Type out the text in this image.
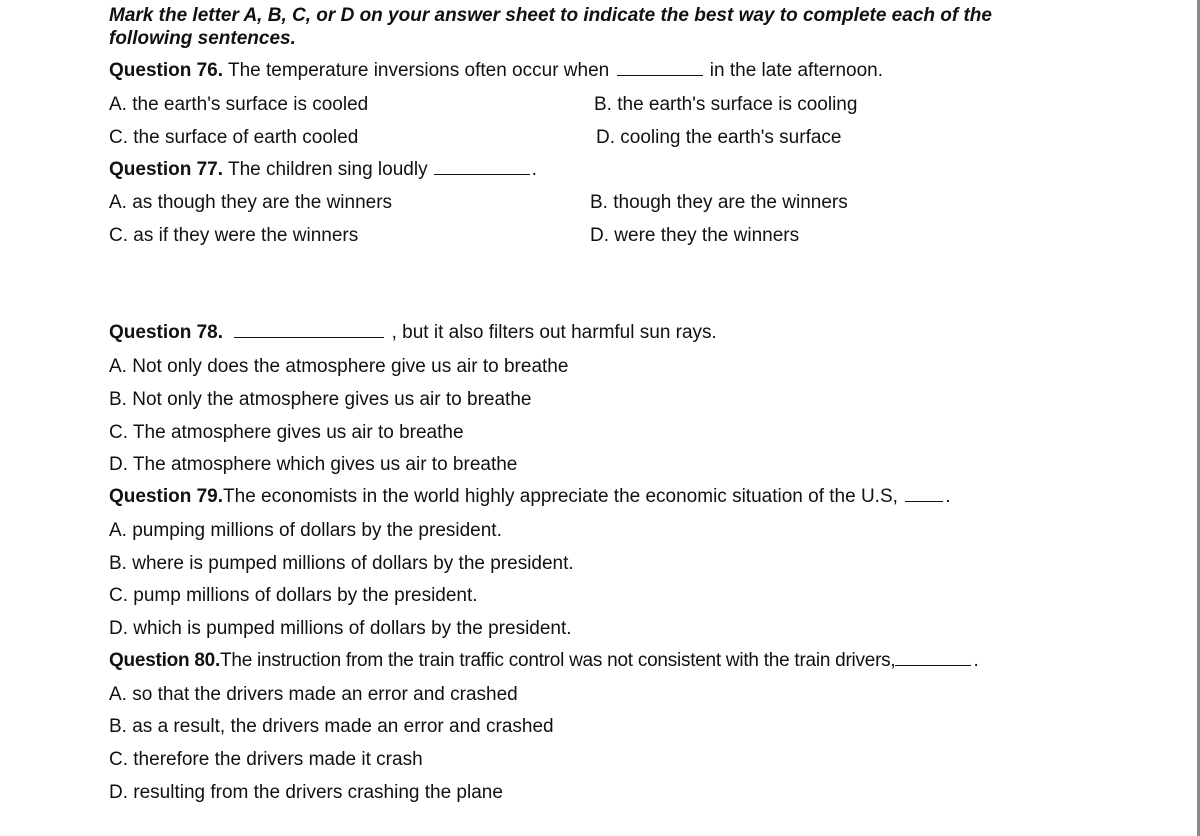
Mark the letter A, B, C, or D on your answer sheet to indicate the best way to complete each of the
following sentences.
Question 76. The temperature inversions often occur when	in the late afternoon.
A. the earth's surface is cooled	B. the earth's surface is cooling
C. the surface of earth cooled	D. cooling the earth's surface
Question 77. The children sing loudly	.
A. as though they are the winners	B. though they are the winners
C. as if they were the winners	D. were they the winners
Question 78.	, but it also filters out harmful sun rays.
A. Not only does the atmosphere give us air to breathe
B. Not only the atmosphere gives us air to breathe
C. The atmosphere gives us air to breathe
D. The atmosphere which gives us air to breathe
Question 79.The economists in the world highly appreciate the economic situation of the U.S, .
A. pumping millions of dollars by the president.
B. where is pumped millions of dollars by the president.
C. pump millions of dollars by the president.
D. which is pumped millions of dollars by the president.
Question 80.The instruction from the train traffic control was not consistent with the train drivers,	.
A. so that the drivers made an error and crashed
B. as a result, the drivers made an error and crashed
C. therefore the drivers made it crash
D. resulting from the drivers crashing the plane
